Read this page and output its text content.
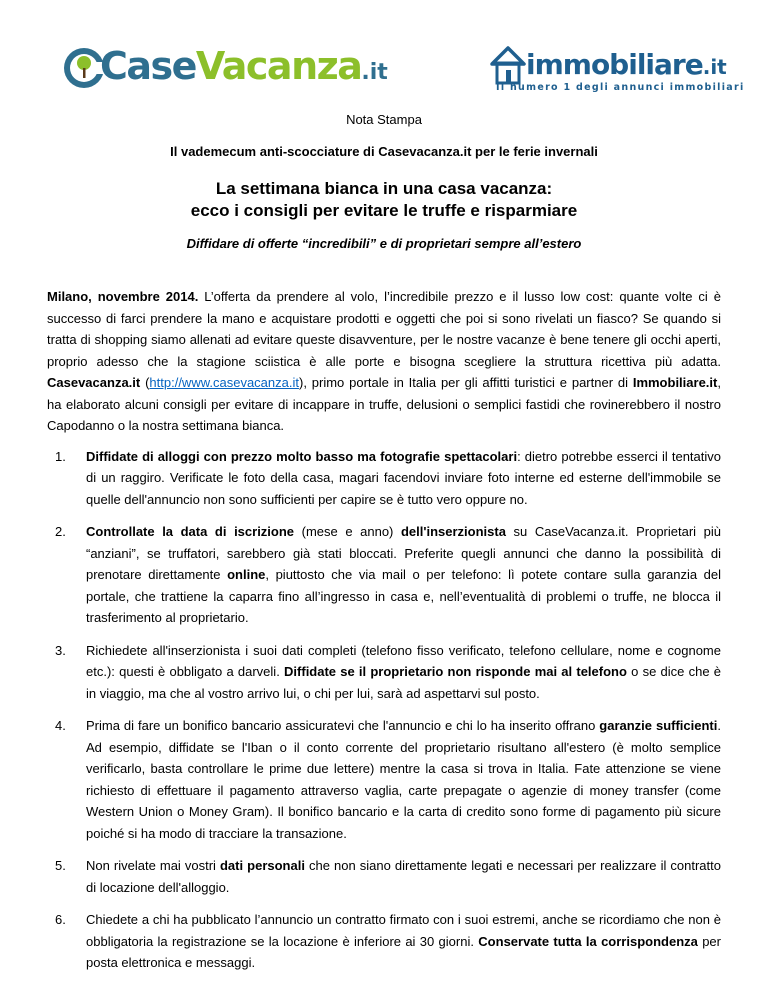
CaseVacanza.it	immobiliare.it
Il numero 1 degli annunci immobiliari
Nota Stampa
Il vademecum anti-scocciature di Casevacanza.it per le ferie invernali
La settimana bianca in una casa vacanza:
ecco i consigli per evitare le truffe e risparmiare
Diffidare di offerte “incredibili” e di proprietari sempre all’estero

Milano, novembre 2014. L’offerta da prendere al volo, l’incredibile prezzo e il lusso low cost: quante volte ci è successo di farci prendere la mano e acquistare prodotti e oggetti che poi si sono rivelati un fiasco? Se quando si tratta di shopping siamo allenati ad evitare queste disavventure, per le nostre vacanze è bene tenere gli occhi aperti, proprio adesso che la stagione sciistica è alle porte e bisogna scegliere la struttura ricettiva più adatta. Casevacanza.it (http://www.casevacanza.it), primo portale in Italia per gli affitti turistici e partner di Immobiliare.it, ha elaborato alcuni consigli per evitare di incappare in truffe, delusioni o semplici fastidi che rovinerebbero il nostro Capodanno o la nostra settimana bianca.

1. Diffidate di alloggi con prezzo molto basso ma fotografie spettacolari: dietro potrebbe esserci il tentativo di un raggiro. Verificate le foto della casa, magari facendovi inviare foto interne ed esterne dell'immobile se quelle dell'annuncio non sono sufficienti per capire se è tutto vero oppure no.
2. Controllate la data di iscrizione (mese e anno) dell'inserzionista su CaseVacanza.it. Proprietari più “anziani”, se truffatori, sarebbero già stati bloccati. Preferite quegli annunci che danno la possibilità di prenotare direttamente online, piuttosto che via mail o per telefono: lì potete contare sulla garanzia del portale, che trattiene la caparra fino all’ingresso in casa e, nell’eventualità di problemi o truffe, ne blocca il trasferimento al proprietario.
3. Richiedete all'inserzionista i suoi dati completi (telefono fisso verificato, telefono cellulare, nome e cognome etc.): questi è obbligato a darveli. Diffidate se il proprietario non risponde mai al telefono o se dice che è in viaggio, ma che al vostro arrivo lui, o chi per lui, sarà ad aspettarvi sul posto.
4. Prima di fare un bonifico bancario assicuratevi che l'annuncio e chi lo ha inserito offrano garanzie sufficienti. Ad esempio, diffidate se l'Iban o il conto corrente del proprietario risultano all'estero (è molto semplice verificarlo, basta controllare le prime due lettere) mentre la casa si trova in Italia. Fate attenzione se viene richiesto di effettuare il pagamento attraverso vaglia, carte prepagate o agenzie di money transfer (come Western Union o Money Gram). Il bonifico bancario e la carta di credito sono forme di pagamento più sicure poiché si ha modo di tracciare la transazione.
5. Non rivelate mai vostri dati personali che non siano direttamente legati e necessari per realizzare il contratto di locazione dell'alloggio.
6. Chiedete a chi ha pubblicato l’annuncio un contratto firmato con i suoi estremi, anche se ricordiamo che non è obbligatoria la registrazione se la locazione è inferiore ai 30 giorni. Conservate tutta la corrispondenza per posta elettronica e messaggi.
